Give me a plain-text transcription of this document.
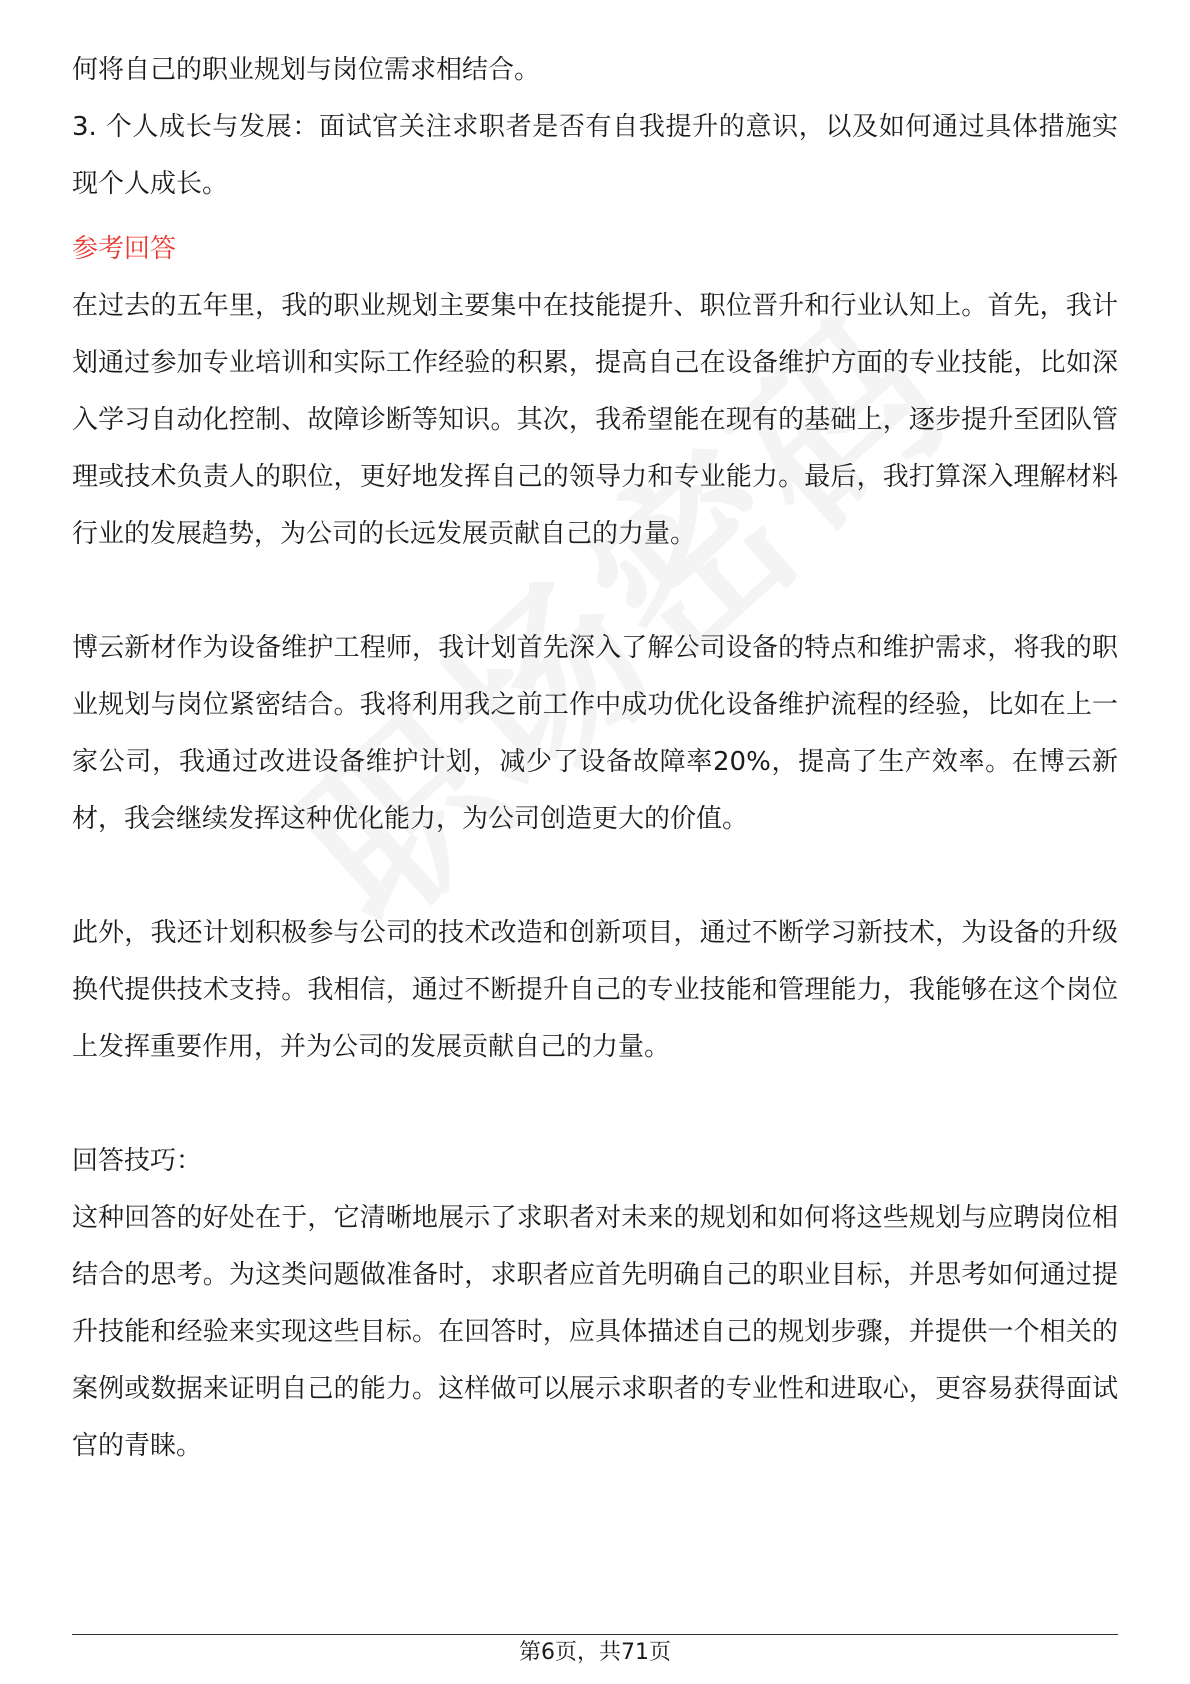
何将自己的职业规划与岗位需求相结合。

3. 个人成长与发展：面试官关注求职者是否有自我提升的意识，以及如何通过具体措施实现个人成长。

参考回答

在过去的五年里，我的职业规划主要集中在技能提升、职位晋升和行业认知上。首先，我计划通过参加专业培训和实际工作经验的积累，提高自己在设备维护方面的专业技能，比如深入学习自动化控制、故障诊断等知识。其次，我希望能在现有的基础上，逐步提升至团队管理或技术负责人的职位，更好地发挥自己的领导力和专业能力。最后，我打算深入理解材料行业的发展趋势，为公司的长远发展贡献自己的力量。

博云新材作为设备维护工程师，我计划首先深入了解公司设备的特点和维护需求，将我的职业规划与岗位紧密结合。我将利用我之前工作中成功优化设备维护流程的经验，比如在上一家公司，我通过改进设备维护计划，减少了设备故障率20%，提高了生产效率。在博云新材，我会继续发挥这种优化能力，为公司创造更大的价值。

此外，我还计划积极参与公司的技术改造和创新项目，通过不断学习新技术，为设备的升级换代提供技术支持。我相信，通过不断提升自己的专业技能和管理能力，我能够在这个岗位上发挥重要作用，并为公司的发展贡献自己的力量。

回答技巧：

这种回答的好处在于，它清晰地展示了求职者对未来的规划和如何将这些规划与应聘岗位相结合的思考。为这类问题做准备时，求职者应首先明确自己的职业目标，并思考如何通过提升技能和经验来实现这些目标。在回答时，应具体描述自己的规划步骤，并提供一个相关的案例或数据来证明自己的能力。这样做可以展示求职者的专业性和进取心，更容易获得面试官的青睐。

第6页，共71页
